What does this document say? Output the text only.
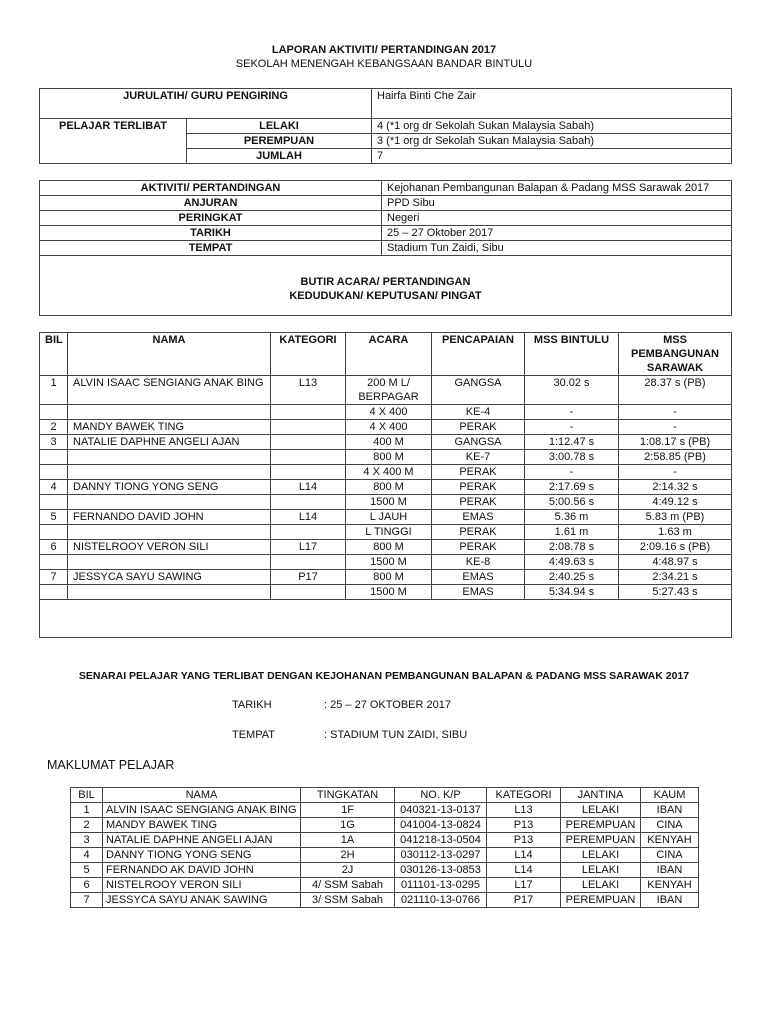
LAPORAN AKTIVITI/ PERTANDINGAN 2017
SEKOLAH MENENGAH KEBANGSAAN BANDAR BINTULU
JURULATIH/ GURU PENGIRING		Hairfa Binti Che Zair
PELAJAR TERLIBAT	LELAKI	4 (*1 org dr Sekolah Sukan Malaysia Sabah)
	PEREMPUAN	3 (*1 org dr Sekolah Sukan Malaysia Sabah)
	JUMLAH	7
AKTIVITI/ PERTANDINGAN	Kejohanan Pembangunan Balapan & Padang MSS Sarawak 2017
ANJURAN	PPD Sibu
PERINGKAT	Negeri
TARIKH	25 – 27 Oktober 2017
TEMPAT	Stadium Tun Zaidi, Sibu

BUTIR ACARA/ PERTANDINGAN
KEDUDUKAN/ KEPUTUSAN/ PINGAT	
BIL	NAMA	KATEGORI	ACARA	PENCAPAIAN	MSS BINTULU	MSS PEMBANGUNAN SARAWAK
1	ALVIN ISAAC SENGIANG ANAK BING	L13	200 M L/ BERPAGAR	GANGSA	30.02 s	28.37 s (PB)
			4 X 400	KE-4	-	-
2	MANDY BAWEK TING		4 X 400	PERAK	-	-
3	NATALIE DAPHNE ANGELI AJAN		400 M	GANGSA	1:12.47 s	1:08.17 s (PB)
			800 M	KE-7	3:00.78 s	2:58.85 (PB)
			4 X 400 M	PERAK	-	-
4	DANNY TIONG YONG SENG	L14	800 M	PERAK	2:17.69 s	2:14.32 s
			1500 M	PERAK	5:00.56 s	4:49.12 s
5	FERNANDO DAVID JOHN	L14	L JAUH	EMAS	5.36 m	5.83 m (PB)
			L TINGGI	PERAK	1.61 m	1.63 m
6	NISTELROOY VERON SILI	L17	800 M	PERAK	2:08.78 s	2:09.16 s (PB)
			1500 M	KE-8	4:49.63 s	4:48.97 s
7	JESSYCA SAYU SAWING	P17	800 M	EMAS	2:40.25 s	2:34.21 s
			1500 M	EMAS	5:34.94 s	5:27.43 s

SENARAI PELAJAR YANG TERLIBAT DENGAN KEJOHANAN PEMBANGUNAN BALAPAN & PADANG MSS SARAWAK 2017
TARIKH	: 25 – 27 OKTOBER 2017
TEMPAT	: STADIUM TUN ZAIDI, SIBU
MAKLUMAT PELAJAR
BIL	NAMA	TINGKATAN	NO. K/P	KATEGORI	JANTINA	KAUM
1	ALVIN ISAAC SENGIANG ANAK BING	1F	040321-13-0137	L13	LELAKI	IBAN
2	MANDY BAWEK TING	1G	041004-13-0824	P13	PEREMPUAN	CINA
3	NATALIE DAPHNE ANGELI AJAN	1A	041218-13-0504	P13	PEREMPUAN	KENYAH
4	DANNY TIONG YONG SENG	2H	030112-13-0297	L14	LELAKI	CINA
5	FERNANDO AK DAVID JOHN	2J	030126-13-0853	L14	LELAKI	IBAN
6	NISTELROOY VERON SILI	4/ SSM Sabah	011101-13-0295	L17	LELAKI	KENYAH
7	JESSYCA SAYU ANAK SAWING	3/ SSM Sabah	021110-13-0766	P17	PEREMPUAN	IBAN
